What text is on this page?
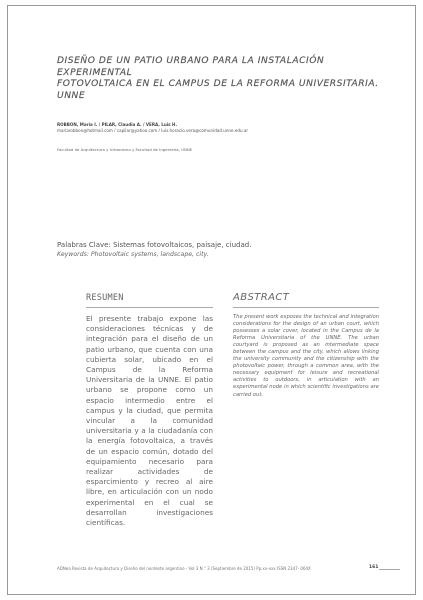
DISEÑO DE UN PATIO URBANO PARA LA INSTALACIÓN EXPERIMENTAL
FOTOVOLTAICA EN EL CAMPUS DE LA REFORMA UNIVERSITARIA. UNNE
ROBBON, María I. / PILAR, Claudia A. / VERA, Luis H.
mariarobbon@hotmail.com / capilar@yahoo.com / luis.horacio.vera@comunidad.unne.edu.ar
Facultad de Arquitectura y Urbanismo y Facultad de Ingeniería, UNNE
Palabras Clave: Sistemas fotovoltaicos, paisaje, ciudad.
Keywords: Photovoltaic systems, landscape, city.
RESUMEN

El presente trabajo expone las consideraciones técnicas y de integración para el diseño de un patio urbano, que cuenta con una cubierta solar, ubicado en el Campus de la Reforma Universitaria de la UNNE. El patio urbano se propone como un espacio intermedio entre el campus y la ciudad, que permita vincular a la comunidad universitaria y a la ciudadanía con la energía fotovoltaica, a través de un espacio común, dotado del equipamiento necesario para realizar actividades de esparcimiento y recreo al aire libre, en articulación con un nodo experimental en el cual se desarrollan investigaciones científicas.

ABSTRACT

The present work exposes the technical and integration considerations for the design of an urban court, which possesses a solar cover, located in the Campus de la Reforma Universitaria of the UNNE. The urban courtyard is proposed as an intermediate space between the campus and the city, which allows linking the university community and the citizenship with the photovoltaic power, through a common area, with the necessary equipment for leisure and recreational activities to outdoors, in articulation with an experimental node in which scientific investigations are carried out.

ADNea Revista de Arquitectura y Diseño del nordeste argentino - Vol 3 N.° 3 (Septiembre de 2015) Pp.xx-xxx ISSN 2347- 064X	161
